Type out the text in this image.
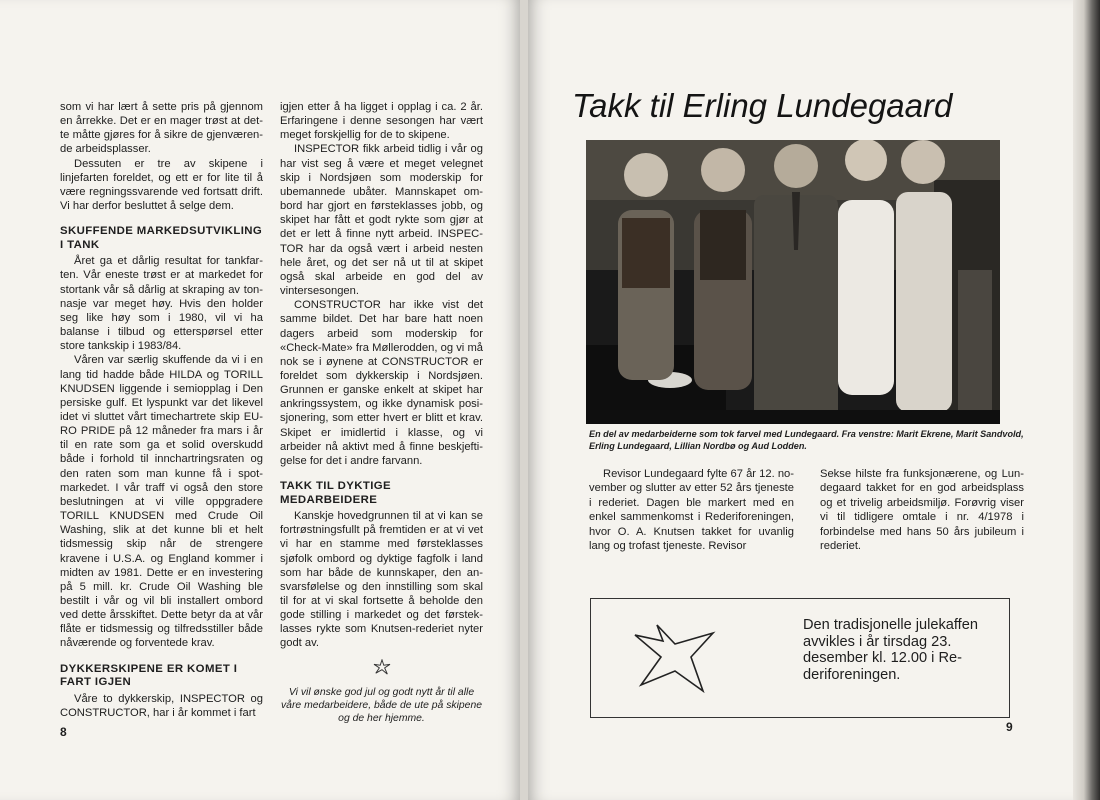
som vi har lært å sette pris på gjennom en årrekke. Det er en mager trøst at dette måtte gjøres for å sikre de gjenværende arbeidsplasser.

Dessuten er tre av skipene i linjefarten foreldet, og ett er for lite til å være regningssvarende ved fortsatt drift. Vi har derfor besluttet å selge dem.

SKUFFENDE MARKEDSUTVIKLING I TANK

Året ga et dårlig resultat for tankfarten. Vår eneste trøst er at markedet for stortank vår så dårlig at skraping av tonnasje var meget høy. Hvis den holder seg like høy som i 1980, vil vi ha balanse i tilbud og etterspørsel etter store tankskip i 1983/84.

Våren var særlig skuffende da vi i en lang tid hadde både HILDA og TORILL KNUDSEN liggende i semiopplag i Den persiske gulf. Et lyspunkt var det likevel idet vi sluttet vårt timechartrete skip EURO PRIDE på 12 måneder fra mars i år til en rate som ga et solid overskudd både i forhold til innchartringsraten og den raten som man kunne få i spot-markedet. I vår traff vi også den store beslutningen at vi ville oppgradere TORILL KNUDSEN med Crude Oil Washing, slik at det kunne bli et helt tidsmessig skip når de strengere kravene i U.S.A. og England kommer i midten av 1981. Dette er en investering på 5 mill. kr. Crude Oil Washing ble bestilt i vår og vil bli installert ombord ved dette årsskiftet. Dette betyr da at vår flåte er tidsmessig og tilfredsstiller både nåværende og forventede krav.

DYKKERSKIPENE ER KOMET I FART IGJEN

Våre to dykkerskip, INSPECTOR og CONSTRUCTOR, har i år kommet i fart

igjen etter å ha ligget i opplag i ca. 2 år. Erfaringene i denne sesongen har vært meget forskjellig for de to skipene.

INSPECTOR fikk arbeid tidlig i vår og har vist seg å være et meget velegnet skip i Nordsjøen som moderskip for ubemannede ubåter. Mannskapet ombord har gjort en førsteklasses jobb, og skipet har fått et godt rykte som gjør at det er lett å finne nytt arbeid. INSPECTOR har da også vært i arbeid nesten hele året, og det ser nå ut til at skipet også skal arbeide en god del av vintersesongen.

CONSTRUCTOR har ikke vist det samme bildet. Det har bare hatt noen dagers arbeid som moderskip for «Check-Mate» fra Møllerodden, og vi må nok se i øynene at CONSTRUCTOR er foreldet som dykkerskip i Nordsjøen. Grunnen er ganske enkelt at skipet har ankringssystem, og ikke dynamisk posisjonering, som etter hvert er blitt et krav. Skipet er imidlertid i klasse, og vi arbeider nå aktivt med å finne beskjeftigelse for det i andre farvann.

TAKK TIL DYKTIGE MEDARBEIDERE

Kanskje hovedgrunnen til at vi kan se fortrøstningsfullt på fremtiden er at vi vet vi har en stamme med førsteklasses sjøfolk ombord og dyktige fagfolk i land som har både de kunnskaper, den ansvarsfølelse og den innstilling som skal til for at vi skal fortsette å beholde den gode stilling i markedet og det førsteklasses rykte som Knutsen-rederiet nyter godt av.

Vi vil ønske god jul og godt nytt år til alle våre medarbeidere, både de ute på skipene og de her hjemme.

8	9
Takk til Erling Lundegaard
En del av medarbeiderne som tok farvel med Lundegaard. Fra venstre: Marit Ekrene, Marit Sandvold, Erling Lundegaard, Lillian Nordbø og Aud Lodden.

Revisor Lundegaard fylte 67 år 12. november og slutter av etter 52 års tjeneste i rederiet. Dagen ble markert med en enkel sammenkomst i Rederiforeningen, hvor O. A. Knutsen takket for uvanlig lang og trofast tjeneste. Revisor

Sekse hilste fra funksjonærene, og Lundegaard takket for en god arbeidsplass og et trivelig arbeidsmiljø. Forøvrig viser vi til tidligere omtale i nr. 4/1978 i forbindelse med hans 50 års jubileum i rederiet.

Den tradisjonelle julekaffen avvikles i år tirsdag 23. desember kl. 12.00 i Rederiforeningen.
